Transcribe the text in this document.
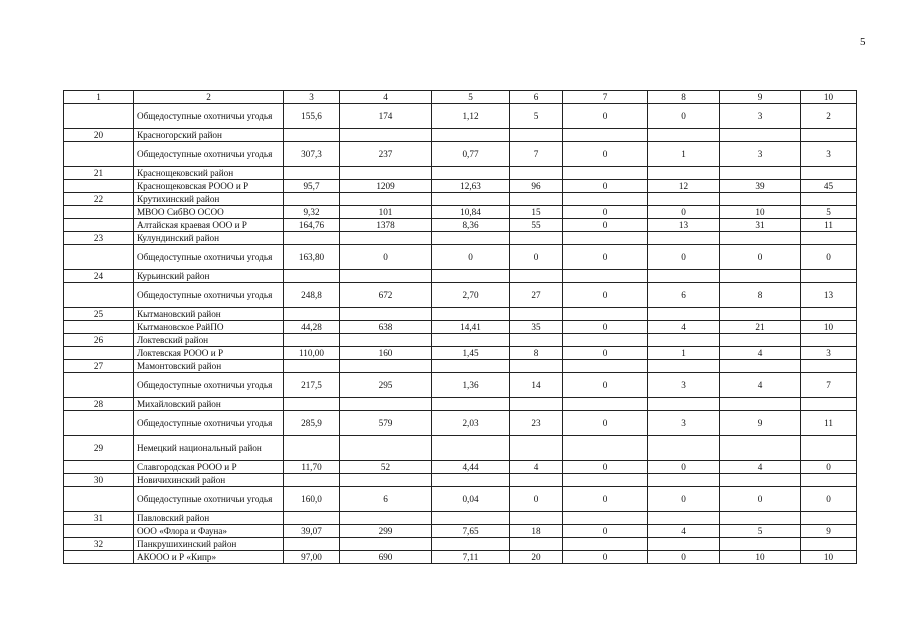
5
1	2	3	4	5	6	7	8	9	10
	Общедоступные охотничьи угодья	155,6	174	1,12	5	0	0	3	2
20	Красногорский район								
	Общедоступные охотничьи угодья	307,3	237	0,77	7	0	1	3	3
21	Краснощековский район								
	Краснощековская РОOO и Р	95,7	1209	12,63	96	0	12	39	45
22	Крутихинский район								
	МВОО СибВО ОСОО	9,32	101	10,84	15	0	0	10	5
	Алтайская краевая ООО и Р	164,76	1378	8,36	55	0	13	31	11
23	Кулундинский район								
	Общедоступные охотничьи угодья	163,80	0	0	0	0	0	0	0
24	Курьинский район								
	Общедоступные охотничьи угодья	248,8	672	2,70	27	0	6	8	13
25	Кытмановский район								
	Кытмановское РайПО	44,28	638	14,41	35	0	4	21	10
26	Локтевский район								
	Локтевская РОOO и Р	110,00	160	1,45	8	0	1	4	3
27	Мамонтовский район								
	Общедоступные охотничьи угодья	217,5	295	1,36	14	0	3	4	7
28	Михайловский район								
	Общедоступные охотничьи угодья	285,9	579	2,03	23	0	3	9	11
29	Немецкий национальный район								
	Славгородская РОOO и Р	11,70	52	4,44	4	0	0	4	0
30	Новичихинский район								
	Общедоступные охотничьи угодья	160,0	6	0,04	0	0	0	0	0
31	Павловский район								
	ООО «Флора и Фауна»	39,07	299	7,65	18	0	4	5	9
32	Панкрушихинский район								
	АКООО и Р «Кипр»	97,00	690	7,11	20	0	0	10	10
